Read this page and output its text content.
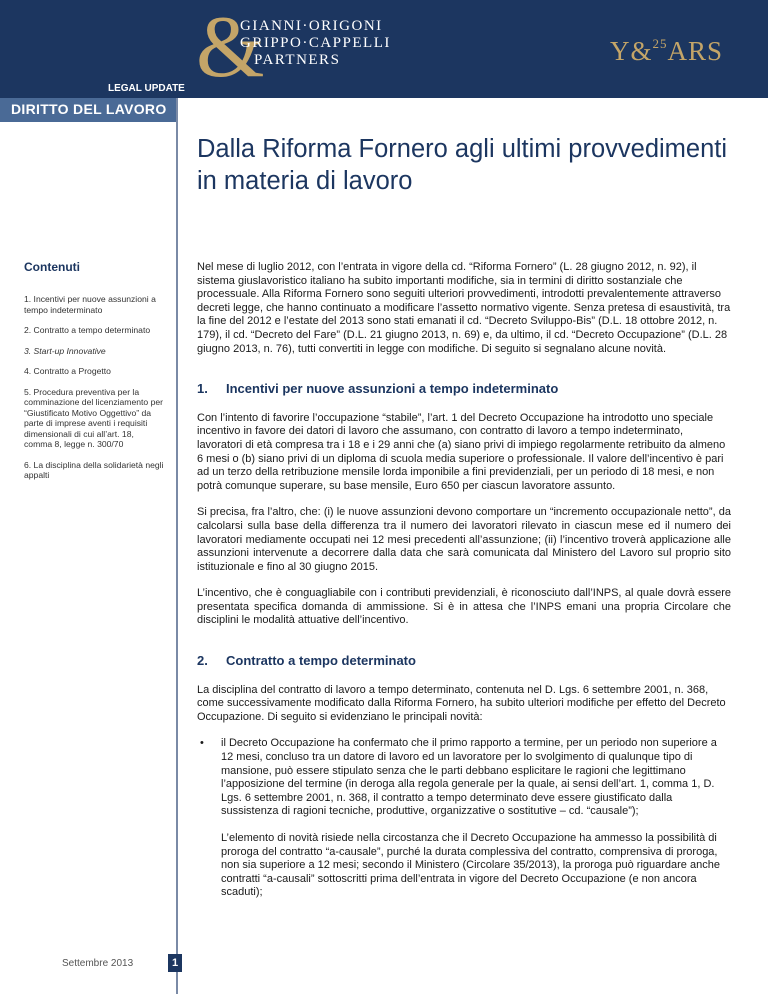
&
GIANNI·ORIGONI
GRIPPO·CAPPELLI
PARTNERS	Y&$^{25}$ARS
LEGAL UPDATE
DIRITTO DEL LAVORO
Dalla Riforma Fornero agli ultimi provvedimenti
in materia di lavoro
Contenuti
1. Incentivi per nuove assunzioni a tempo indeterminato
2. Contratto a tempo determinato
3. Start-up Innovative
4. Contratto a Progetto
5. Procedura preventiva per la comminazione del licenziamento per “Giustificato Motivo Oggettivo” da parte di imprese aventi i requisiti dimensionali di cui all’art. 18, comma 8, legge n. 300/70
6. La disciplina della solidarietà negli appalti

Nel mese di luglio 2012, con l’entrata in vigore della cd. “Riforma Fornero” (L. 28 giugno 2012, n. 92), il sistema giuslavoristico italiano ha subito importanti modifiche, sia in termini di diritto sostanziale che processuale. Alla Riforma Fornero sono seguiti ulteriori provvedimenti, introdotti prevalentemente attraverso decreti legge, che hanno continuato a modificare l’assetto normativo vigente. Senza pretesa di esaustività, tra la fine del 2012 e l’estate del 2013 sono stati emanati il cd. “Decreto Sviluppo-Bis” (D.L. 18 ottobre 2012, n. 179), il cd. “Decreto del Fare” (D.L. 21 giugno 2013, n. 69) e, da ultimo, il cd. “Decreto Occupazione” (D.L. 28 giugno 2013, n. 76), tutti convertiti in legge con modifiche. Di seguito si segnalano alcune novità.

1. Incentivi per nuove assunzioni a tempo indeterminato

Con l’intento di favorire l’occupazione “stabile”, l’art. 1 del Decreto Occupazione ha introdotto uno speciale incentivo in favore dei datori di lavoro che assumano, con contratto di lavoro a tempo indeterminato, lavoratori di età compresa tra i 18 e i 29 anni che (a) siano privi di impiego regolarmente retribuito da almeno 6 mesi o (b) siano privi di un diploma di scuola media superiore o professionale. Il valore dell’incentivo è pari ad un terzo della retribuzione mensile lorda imponibile a fini previdenziali, per un periodo di 18 mesi, e non potrà comunque superare, su base mensile, Euro 650 per ciascun lavoratore assunto.

Si precisa, fra l’altro, che: (i) le nuove assunzioni devono comportare un “incremento occupazionale netto”, da calcolarsi sulla base della differenza tra il numero dei lavoratori rilevato in ciascun mese ed il numero dei lavoratori mediamente occupati nei 12 mesi precedenti all’assunzione; (ii) l’incentivo troverà applicazione alle assunzioni intervenute a decorrere dalla data che sarà comunicata dal Ministero del Lavoro sul proprio sito istituzionale e fino al 30 giugno 2015.

L’incentivo, che è conguagliabile con i contributi previdenziali, è riconosciuto dall’INPS, al quale dovrà essere presentata specifica domanda di ammissione. Si è in attesa che l’INPS emani una propria Circolare che disciplini le modalità attuative dell’incentivo.

2. Contratto a tempo determinato

La disciplina del contratto di lavoro a tempo determinato, contenuta nel D. Lgs. 6 settembre 2001, n. 368, come successivamente modificato dalla Riforma Fornero, ha subito ulteriori modifiche per effetto del Decreto Occupazione. Di seguito si evidenziano le principali novità:

• il Decreto Occupazione ha confermato che il primo rapporto a termine, per un periodo non superiore a 12 mesi, concluso tra un datore di lavoro ed un lavoratore per lo svolgimento di qualunque tipo di mansione, può essere stipulato senza che le parti debbano esplicitare le ragioni che legittimano l’apposizione del termine (in deroga alla regola generale per la quale, ai sensi dell’art. 1, comma 1, D. Lgs. 6 settembre 2001, n. 368, il contratto a tempo determinato deve essere giustificato dalla sussistenza di ragioni tecniche, produttive, organizzative o sostitutive – cd. “causale”);

L’elemento di novità risiede nella circostanza che il Decreto Occupazione ha ammesso la possibilità di proroga del contratto “a-causale”, purché la durata complessiva del contratto, comprensiva di proroga, non sia superiore a 12 mesi; secondo il Ministero (Circolare 35/2013), la proroga può riguardare anche contratti “a-causali” sottoscritti prima dell’entrata in vigore del Decreto Occupazione (e non ancora scaduti);

Settembre 2013	1
